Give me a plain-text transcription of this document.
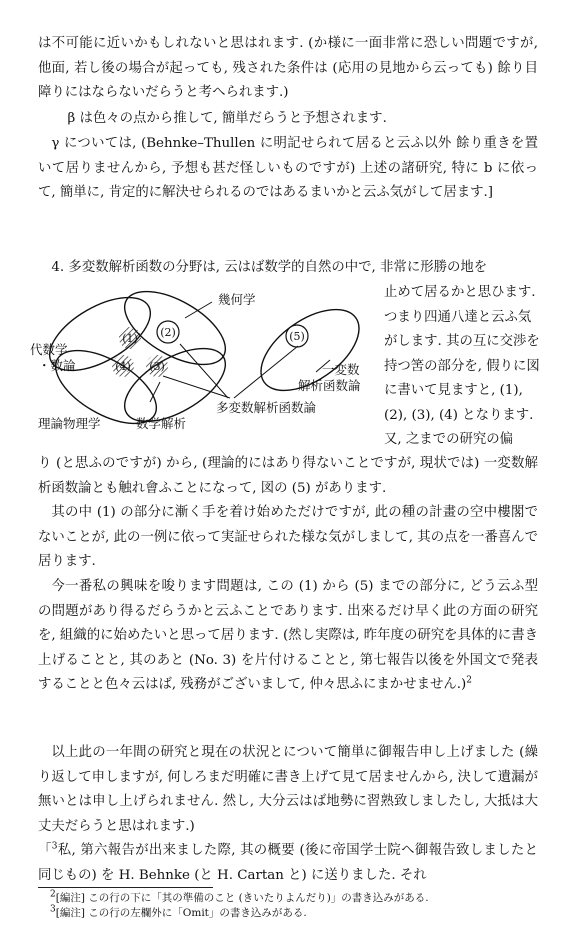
は不可能に近いかもしれないと思はれます. (か様に一面非常に恐しい問題ですが, 他面, 若し後の場合が起っても, 残された条件は (応用の見地から云っても) 餘り目障りにはならないだらうと考へられます.)

β は色々の点から推して, 簡単だらうと予想されます.

γ については, (Behnke–Thullen に明記せられて居ると云ふ以外 餘り重きを置いて居りませんから, 予想も甚だ怪しいものですが) 上述の諸研究, 特に b に依って, 簡単に, 肯定的に解決せられるのではあるまいかと云ふ気がして居ます.]

4. 多変数解析函数の分野は, 云はば数学的自然の中で, 非常に形勝の地を

(1) (2)
(4) (3)
(5)
幾何学
代数学
・数論
理論物理学	数学解析
多変数解析函数論
一変数
解析函数論

止めて居るかと思ひます. つまり四通八達と云ふ気がします. 其の互に交渉を持つ筈の部分を, 假りに図に書いて見ますと, (1), (2), (3), (4) となります. 又, 之までの研究の偏

り (と思ふのですが) から, (理論的にはあり得ないことですが, 現状では) 一変数解析函数論とも触れ會ふことになって, 図の (5) があります.

其の中 (1) の部分に漸く手を着け始めただけですが, 此の種の計畫の空中樓閣でないことが, 此の一例に依って実証せられた様な気がしまして, 其の点を一番喜んで居ります.

今一番私の興味を唆ります問題は, この (1) から (5) までの部分に, どう云ふ型の問題があり得るだらうかと云ふことであります. 出來るだけ早く此の方面の研究を, 組織的に始めたいと思って居ります. (然し実際は, 昨年度の研究を具体的に書き上げることと, 其のあと (No. 3) を片付けることと, 第七報告以後を外国文で発表することと色々云はば, 残務がございまして, 仲々思ふにまかせません.)$^2$

以上此の一年間の研究と現在の状況とについて簡単に御報告申し上げました (繰り返して申しますが, 何しろまだ明確に書き上げて見て居ませんから, 決して遺漏が無いとは申し上げられません. 然し, 大分云はば地勢に習熟致しましたし, 大抵は大丈夫だらうと思はれます.)

「$^3$私, 第六報告が出来ました際, 其の概要 (後に帝国学士院へ御報告致しましたと同じもの) を H. Behnke (と H. Cartan と) に送りました. それ

$^2$[編注] この行の下に「其の準備のこと (きいたりよんだり)」の書き込みがある.

$^3$[編注] この行の左欄外に「Omit」の書き込みがある.
